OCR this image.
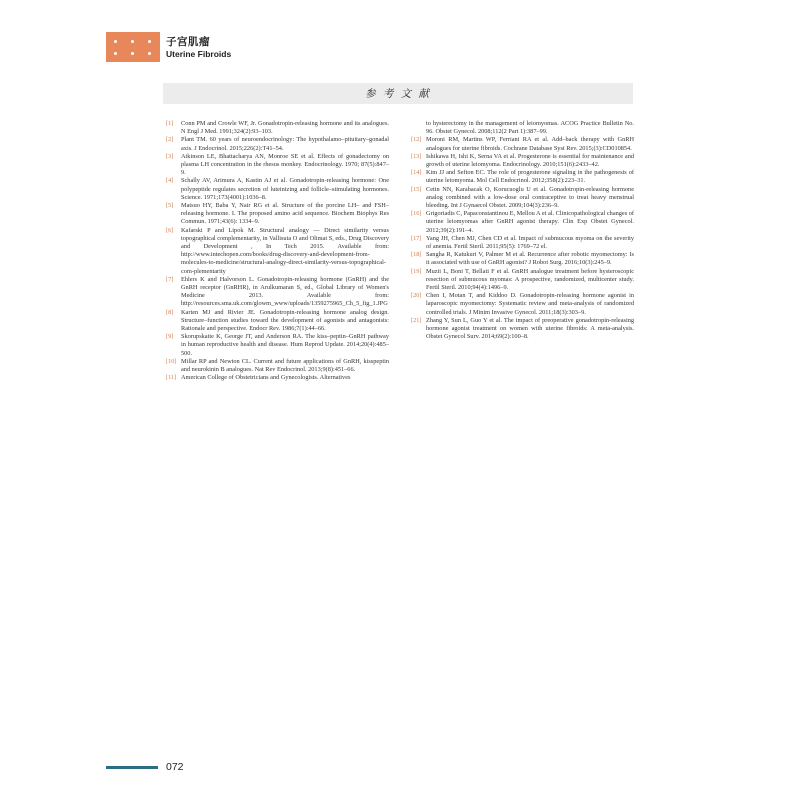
子宫肌瘤
Uterine Fibroids
参 考 文 献
[1] Conn PM and Crowle WF, Jr. Gonadotropin-releasing hormone and its analogues. N Engl J Med. 1991;324(2):93–103.
[2] Plant TM. 60 years of neuroendocrinology: The hypothalamo–pituitary–gonadal axis. J Endocrinol. 2015;226(2):T41–54.
[3] Atkinson LE, Bhattacharya AN, Monroe SE et al. Effects of gonadectomy on plasma LH concentration in the rhesus monkey. Endocrinology. 1970; 87(5):847–9.
[4] Schally AV, Arimura A, Kastin AJ et al. Gonadotropin-releasing hormone: One polypeptide regulates secretion of luteinizing and follicle–stimulating hormones. Science. 1971;173(4001):1036–8.
[5] Matsuo HY, Baba Y, Nair RG et al. Structure of the porcine LH– and FSH–releasing hormone. I. The proposed amino acid sequence. Biochem Biophys Res Commun. 1971;43(6): 1334–9.
[6] Kafarski P and Lipok M. Structural analogy — Direct similarity versus topographical complementarity, in Vallisuta O and Olimat S, eds., Drug Discovery and Development , In Tech 2015. Available from: http://www.intechopen.com/books/drug-discovery-and-development-from-molecules-to-medicine/structural-analogy-direct-similarity-versus-topographical-com-plementarity
[7] Ehlers K and Halvorson L. Gonadotropin-releasing hormone (GnRH) and the GnRH receptor (GnRHR), in Arulkumaran S, ed., Global Library of Women's Medicine 2013. Available from: http://resources.sma.uk.com/glowm_www/uploads/1359275965_Ch_5_fig_1.JPG
[8] Karten MJ and Rivier JE. Gonadotropin-releasing hormone analog design. Structure–function studies toward the development of agonists and antagonists: Rationale and perspective. Endocr Rev. 1986;7(1):44–66.
[9] Skorupskaite K, George JT, and Anderson RA. The kiss–peptin–GnRH pathway in human reproductive health and disease. Hum Reprod Update. 2014;20(4):485–500.
[10] Millar RP and Newton CL. Current and future applications of GnRH, kisspeptin and neurokinin B analogues. Nat Rev Endocrinol. 2013;9(8):451–66.
[11] American College of Obstetricians and Gynecologists. Alternatives
to hysterectomy in the management of leiomyomas. ACOG Practice Bulletin No. 96. Obstet Gynecol. 2008;112(2 Part 1):387–99.
[12] Moroni RM, Martins WP, Ferriani RA et al. Add–back therapy with GnRH analogues for uterine fibroids. Cochrane Database Syst Rev. 2015;(3):CD010854.
[13] Ishikawa H, Ishi K, Serna VA et al. Progesterone is essential for maintenance and growth of uterine leiomyoma. Endocrinology. 2010;151(6):2433–42.
[14] Kim JJ and Sefton EC. The role of progesterone signaling in the pathogenesis of uterine leiomyoma. Mol Cell Endocrinol. 2012;358(2):223–31.
[15] Cetin NN, Karabacak O, Korucuoglu U et al. Gonadotropin-releasing hormone analog combined with a low-dose oral contraceptive to treat heavy menstrual bleeding. Int J Gynaecol Obstet. 2009;104(3):236–9.
[16] Grigoriadis C, Papaconstantinou E, Mellou A et al. Clinicopathological changes of uterine leiomyomas after GnRH agonist therapy. Clin Exp Obstet Gynecol. 2012;39(2):191–4.
[17] Yang JH, Chen MJ, Chen CD et al. Impact of submucous myoma on the severity of anemia. Fertil Steril. 2011;95(5): 1769–72 el.
[18] Sangha R, Katukuri V, Palmer M et al. Recurrence after robotic myomectomy: Is it associated with use of GnRH agonist? J Robot Surg. 2016;10(3):245–9.
[19] Muzii L, Boni T, Bellati F et al. GnRH analogue treatment before hysteroscopic resection of submucous myomas: A prospective, randomized, multicenter study. Fertil Steril. 2010;94(4):1496–9.
[20] Chen I, Motan T, and Kiddoo D. Gonadotropin-releasing hormone agonist in laparoscopic myomectomy: Systematic review and meta-analysis of randomized controlled trials. J Minim Invasive Gynecol. 2011;18(3):303–9.
[21] Zhang Y, Sun L, Guo Y et al. The impact of preoperative gonadotropin-releasing hormone agonist treatment on women with uterine fibroids: A meta-analysis. Obstet Gynecol Surv. 2014;69(2):100–8.
072
